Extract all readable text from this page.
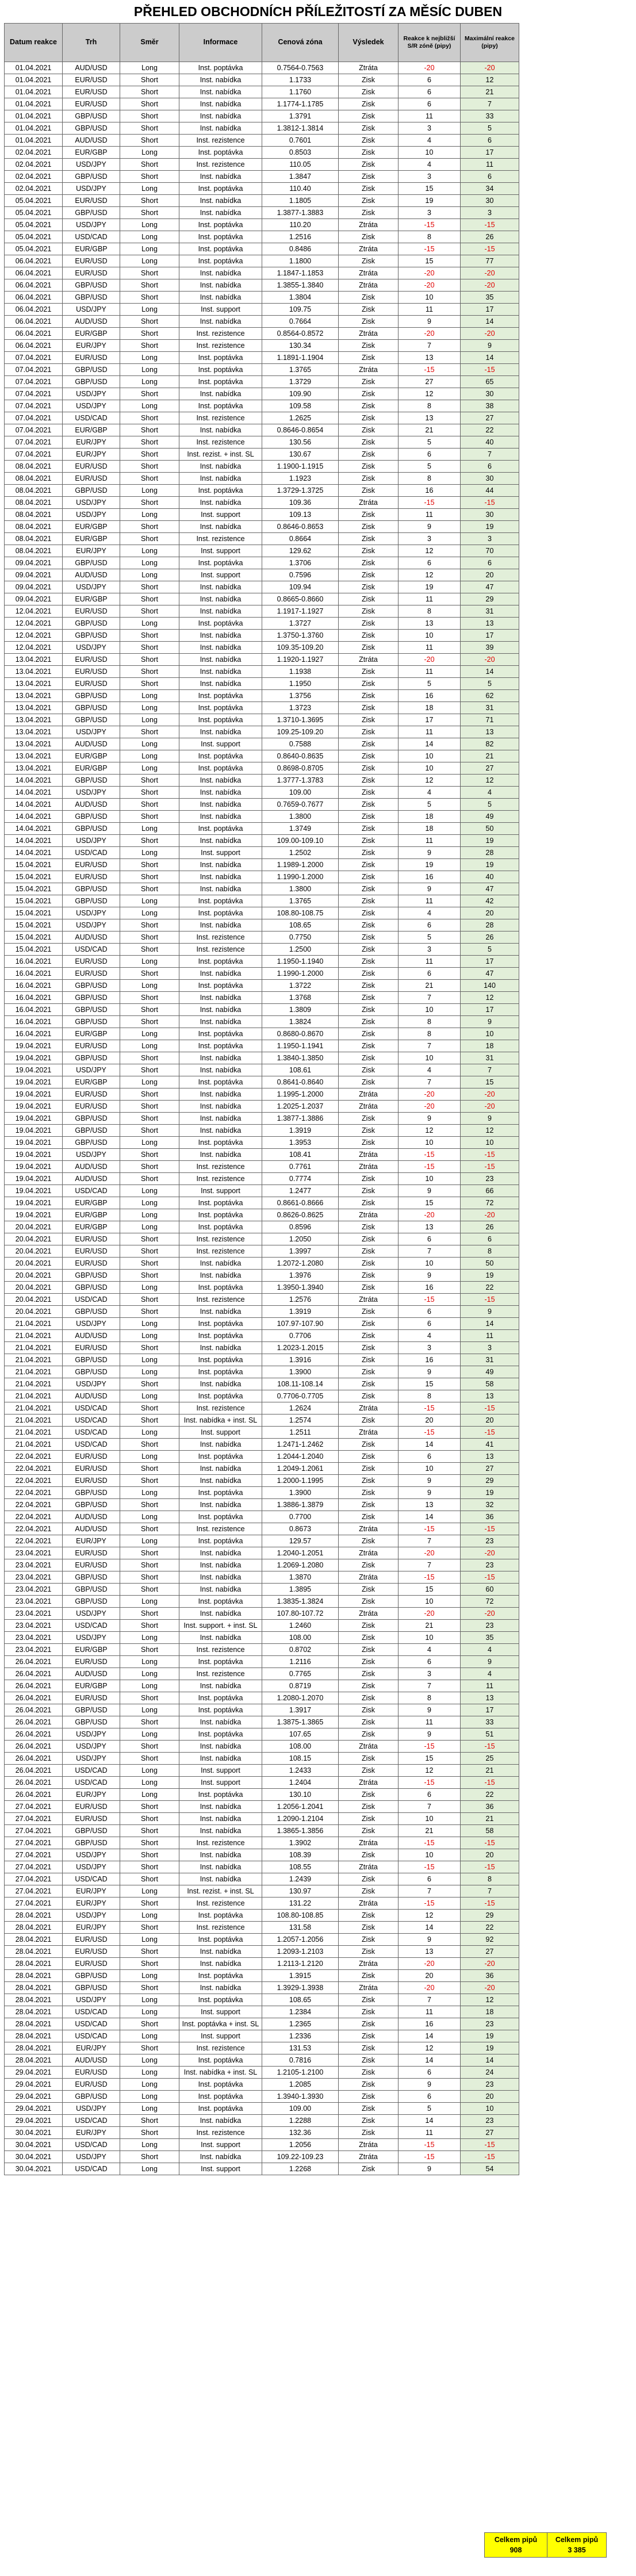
PŘEHLED OBCHODNÍCH PŘÍLEŽITOSTÍ ZA MĚSÍC DUBEN
Datum reakce	Trh	Směr	Informace	Cenová zóna	Výsledek	Reakce k nejbližší S/R zóně (pipy)	Maximální reakce (pipy)
01.04.2021	AUD/USD	Long	Inst. poptávka	0.7564-0.7563	Ztráta	-20	-20
01.04.2021	EUR/USD	Short	Inst. nabídka	1.1733	Zisk	6	12
01.04.2021	EUR/USD	Short	Inst. nabídka	1.1760	Zisk	6	21
01.04.2021	EUR/USD	Short	Inst. nabídka	1.1774-1.1785	Zisk	6	7
01.04.2021	GBP/USD	Short	Inst. nabídka	1.3791	Zisk	11	33
01.04.2021	GBP/USD	Short	Inst. nabídka	1.3812-1.3814	Zisk	3	5
01.04.2021	AUD/USD	Short	Inst. rezistence	0.7601	Zisk	4	6
02.04.2021	EUR/GBP	Long	Inst. poptávka	0.8503	Zisk	10	17
02.04.2021	USD/JPY	Short	Inst. rezistence	110.05	Zisk	4	11
02.04.2021	GBP/USD	Short	Inst. nabídka	1.3847	Zisk	3	6
02.04.2021	USD/JPY	Long	Inst. poptávka	110.40	Zisk	15	34
05.04.2021	EUR/USD	Short	Inst. nabídka	1.1805	Zisk	19	30
05.04.2021	GBP/USD	Short	Inst. nabídka	1.3877-1.3883	Zisk	3	3
05.04.2021	USD/JPY	Long	Inst. poptávka	110.20	Ztráta	-15	-15
05.04.2021	USD/CAD	Long	Inst. poptávka	1.2516	Zisk	8	26
05.04.2021	EUR/GBP	Long	Inst. poptávka	0.8486	Ztráta	-15	-15
06.04.2021	EUR/USD	Long	Inst. poptávka	1.1800	Zisk	15	77
06.04.2021	EUR/USD	Short	Inst. nabídka	1.1847-1.1853	Ztráta	-20	-20
06.04.2021	GBP/USD	Short	Inst. nabídka	1.3855-1.3840	Ztráta	-20	-20
06.04.2021	GBP/USD	Short	Inst. nabídka	1.3804	Zisk	10	35
06.04.2021	USD/JPY	Long	Inst. support	109.75	Zisk	11	17
06.04.2021	AUD/USD	Short	Inst. nabídka	0.7664	Zisk	9	14
06.04.2021	EUR/GBP	Short	Inst. rezistence	0.8564-0.8572	Ztráta	-20	-20
06.04.2021	EUR/JPY	Short	Inst. rezistence	130.34	Zisk	7	9
07.04.2021	EUR/USD	Long	Inst. poptávka	1.1891-1.1904	Zisk	13	14
07.04.2021	GBP/USD	Long	Inst. poptávka	1.3765	Ztráta	-15	-15
07.04.2021	GBP/USD	Long	Inst. poptávka	1.3729	Zisk	27	65
07.04.2021	USD/JPY	Short	Inst. nabídka	109.90	Zisk	12	30
07.04.2021	USD/JPY	Long	Inst. poptávka	109.58	Zisk	8	38
07.04.2021	USD/CAD	Short	Inst. rezistence	1.2625	Zisk	13	27
07.04.2021	EUR/GBP	Short	Inst. nabídka	0.8646-0.8654	Zisk	21	22
07.04.2021	EUR/JPY	Short	Inst. rezistence	130.56	Zisk	5	40
07.04.2021	EUR/JPY	Short	Inst. rezist. + inst. SL	130.67	Zisk	6	7
08.04.2021	EUR/USD	Short	Inst. nabídka	1.1900-1.1915	Zisk	5	6
08.04.2021	EUR/USD	Short	Inst. nabídka	1.1923	Zisk	8	30
08.04.2021	GBP/USD	Long	Inst. poptávka	1.3729-1.3725	Zisk	16	44
08.04.2021	USD/JPY	Short	Inst. nabídka	109.36	Ztráta	-15	-15
08.04.2021	USD/JPY	Long	Inst. support	109.13	Zisk	11	30
08.04.2021	EUR/GBP	Short	Inst. nabídka	0.8646-0.8653	Zisk	9	19
08.04.2021	EUR/GBP	Short	Inst. rezistence	0.8664	Zisk	3	3
08.04.2021	EUR/JPY	Long	Inst. support	129.62	Zisk	12	70
09.04.2021	GBP/USD	Long	Inst. poptávka	1.3706	Zisk	6	6
09.04.2021	AUD/USD	Long	Inst. support	0.7596	Zisk	12	20
09.04.2021	USD/JPY	Short	Inst. nabídka	109.94	Zisk	19	47
09.04.2021	EUR/GBP	Short	Inst. nabídka	0.8665-0.8660	Zisk	11	29
12.04.2021	EUR/USD	Short	Inst. nabídka	1.1917-1.1927	Zisk	8	31
12.04.2021	GBP/USD	Long	Inst. poptávka	1.3727	Zisk	13	13
12.04.2021	GBP/USD	Short	Inst. nabídka	1.3750-1.3760	Zisk	10	17
12.04.2021	USD/JPY	Short	Inst. nabídka	109.35-109.20	Zisk	11	39
13.04.2021	EUR/USD	Short	Inst. nabídka	1.1920-1.1927	Ztráta	-20	-20
13.04.2021	EUR/USD	Short	Inst. nabídka	1.1938	Zisk	11	14
13.04.2021	EUR/USD	Short	Inst. nabídka	1.1950	Zisk	5	5
13.04.2021	GBP/USD	Long	Inst. poptávka	1.3756	Zisk	16	62
13.04.2021	GBP/USD	Long	Inst. poptávka	1.3723	Zisk	18	31
13.04.2021	GBP/USD	Long	Inst. poptávka	1.3710-1.3695	Zisk	17	71
13.04.2021	USD/JPY	Short	Inst. nabídka	109.25-109.20	Zisk	11	13
13.04.2021	AUD/USD	Long	Inst. support	0.7588	Zisk	14	82
13.04.2021	EUR/GBP	Long	Inst. poptávka	0.8640-0.8635	Zisk	10	21
13.04.2021	EUR/GBP	Long	Inst. poptávka	0.8698-0.8705	Zisk	10	27
14.04.2021	GBP/USD	Short	Inst. nabídka	1.3777-1.3783	Zisk	12	12
14.04.2021	USD/JPY	Short	Inst. nabídka	109.00	Zisk	4	4
14.04.2021	AUD/USD	Short	Inst. nabídka	0.7659-0.7677	Zisk	5	5
14.04.2021	GBP/USD	Short	Inst. nabídka	1.3800	Zisk	18	49
14.04.2021	GBP/USD	Long	Inst. poptávka	1.3749	Zisk	18	50
14.04.2021	USD/JPY	Short	Inst. nabídka	109.00-109.10	Zisk	11	19
14.04.2021	USD/CAD	Long	Inst. support	1.2502	Zisk	9	28
15.04.2021	EUR/USD	Short	Inst. nabídka	1.1989-1.2000	Zisk	19	19
15.04.2021	EUR/USD	Short	Inst. nabídka	1.1990-1.2000	Zisk	16	40
15.04.2021	GBP/USD	Short	Inst. nabídka	1.3800	Zisk	9	47
15.04.2021	GBP/USD	Long	Inst. poptávka	1.3765	Zisk	11	42
15.04.2021	USD/JPY	Long	Inst. poptávka	108.80-108.75	Zisk	4	20
15.04.2021	USD/JPY	Short	Inst. nabídka	108.65	Zisk	6	28
15.04.2021	AUD/USD	Short	Inst. rezistence	0.7750	Zisk	5	26
15.04.2021	USD/CAD	Short	Inst. rezistence	1.2500	Zisk	3	5
16.04.2021	EUR/USD	Long	Inst. poptávka	1.1950-1.1940	Zisk	11	17
16.04.2021	EUR/USD	Short	Inst. nabídka	1.1990-1.2000	Zisk	6	47
16.04.2021	GBP/USD	Long	Inst. poptávka	1.3722	Zisk	21	140
16.04.2021	GBP/USD	Short	Inst. nabídka	1.3768	Zisk	7	12
16.04.2021	GBP/USD	Short	Inst. nabídka	1.3809	Zisk	10	17
16.04.2021	GBP/USD	Short	Inst. nabídka	1.3824	Zisk	8	9
16.04.2021	EUR/GBP	Long	Inst. poptávka	0.8680-0.8670	Zisk	8	10
19.04.2021	EUR/USD	Long	Inst. poptávka	1.1950-1.1941	Zisk	7	18
19.04.2021	GBP/USD	Short	Inst. nabídka	1.3840-1.3850	Zisk	10	31
19.04.2021	USD/JPY	Short	Inst. nabídka	108.61	Zisk	4	7
19.04.2021	EUR/GBP	Long	Inst. poptávka	0.8641-0.8640	Zisk	7	15
19.04.2021	EUR/USD	Short	Inst. nabídka	1.1995-1.2000	Ztráta	-20	-20
19.04.2021	EUR/USD	Short	Inst. nabídka	1.2025-1.2037	Ztráta	-20	-20
19.04.2021	GBP/USD	Short	Inst. nabídka	1.3877-1.3886	Zisk	9	9
19.04.2021	GBP/USD	Short	Inst. nabídka	1.3919	Zisk	12	12
19.04.2021	GBP/USD	Long	Inst. poptávka	1.3953	Zisk	10	10
19.04.2021	USD/JPY	Short	Inst. nabídka	108.41	Ztráta	-15	-15
19.04.2021	AUD/USD	Short	Inst. rezistence	0.7761	Ztráta	-15	-15
19.04.2021	AUD/USD	Short	Inst. rezistence	0.7774	Zisk	10	23
19.04.2021	USD/CAD	Long	Inst. support	1.2477	Zisk	9	66
19.04.2021	EUR/GBP	Long	Inst. poptávka	0.8661-0.8666	Zisk	15	72
19.04.2021	EUR/GBP	Long	Inst. poptávka	0.8626-0.8625	Ztráta	-20	-20
20.04.2021	EUR/GBP	Long	Inst. poptávka	0.8596	Zisk	13	26
20.04.2021	EUR/USD	Short	Inst. rezistence	1.2050	Zisk	6	6
20.04.2021	EUR/USD	Short	Inst. rezistence	1.3997	Zisk	7	8
20.04.2021	EUR/USD	Short	Inst. nabídka	1.2072-1.2080	Zisk	10	50
20.04.2021	GBP/USD	Short	Inst. nabídka	1.3976	Zisk	9	19
20.04.2021	GBP/USD	Long	Inst. poptávka	1.3950-1.3940	Zisk	16	22
20.04.2021	USD/CAD	Short	Inst. rezistence	1.2576	Ztráta	-15	-15
20.04.2021	GBP/USD	Short	Inst. nabídka	1.3919	Zisk	6	9
21.04.2021	USD/JPY	Long	Inst. poptávka	107.97-107.90	Zisk	6	14
21.04.2021	AUD/USD	Long	Inst. poptávka	0.7706	Zisk	4	11
21.04.2021	EUR/USD	Short	Inst. nabídka	1.2023-1.2015	Zisk	3	3
21.04.2021	GBP/USD	Long	Inst. poptávka	1.3916	Zisk	16	31
21.04.2021	GBP/USD	Long	Inst. poptávka	1.3900	Zisk	9	49
21.04.2021	USD/JPY	Short	Inst. nabídka	108.11-108.14	Zisk	15	58
21.04.2021	AUD/USD	Long	Inst. poptávka	0.7706-0.7705	Zisk	8	13
21.04.2021	USD/CAD	Short	Inst. rezistence	1.2624	Ztráta	-15	-15
21.04.2021	USD/CAD	Short	Inst. nabídka + inst. SL	1.2574	Zisk	20	20
21.04.2021	USD/CAD	Long	Inst. support	1.2511	Ztráta	-15	-15
21.04.2021	USD/CAD	Short	Inst. nabídka	1.2471-1.2462	Zisk	14	41
22.04.2021	EUR/USD	Long	Inst. poptávka	1.2044-1.2040	Zisk	6	13
22.04.2021	EUR/USD	Short	Inst. nabídka	1.2049-1.2061	Zisk	10	27
22.04.2021	EUR/USD	Short	Inst. nabídka	1.2000-1.1995	Zisk	9	29
22.04.2021	GBP/USD	Long	Inst. poptávka	1.3900	Zisk	9	19
22.04.2021	GBP/USD	Short	Inst. nabídka	1.3886-1.3879	Zisk	13	32
22.04.2021	AUD/USD	Long	Inst. poptávka	0.7700	Zisk	14	36
22.04.2021	AUD/USD	Short	Inst. rezistence	0.8673	Ztráta	-15	-15
22.04.2021	EUR/JPY	Long	Inst. poptávka	129.57	Zisk	7	23
23.04.2021	EUR/USD	Short	Inst. nabídka	1.2040-1.2051	Ztráta	-20	-20
23.04.2021	EUR/USD	Short	Inst. nabídka	1.2069-1.2080	Zisk	7	23
23.04.2021	GBP/USD	Short	Inst. nabídka	1.3870	Ztráta	-15	-15
23.04.2021	GBP/USD	Short	Inst. nabídka	1.3895	Zisk	15	60
23.04.2021	GBP/USD	Long	Inst. poptávka	1.3835-1.3824	Zisk	10	72
23.04.2021	USD/JPY	Short	Inst. nabídka	107.80-107.72	Ztráta	-20	-20
23.04.2021	USD/CAD	Short	Inst. support. + inst. SL	1.2460	Zisk	21	23
23.04.2021	USD/JPY	Long	Inst. nabídka	108.00	Zisk	10	35
23.04.2021	EUR/GBP	Short	Inst. rezistence	0.8702	Zisk	4	4
26.04.2021	EUR/USD	Long	Inst. poptávka	1.2116	Zisk	6	9
26.04.2021	AUD/USD	Long	Inst. rezistence	0.7765	Zisk	3	4
26.04.2021	EUR/GBP	Long	Inst. nabídka	0.8719	Zisk	7	11
26.04.2021	EUR/USD	Short	Inst. poptávka	1.2080-1.2070	Zisk	8	13
26.04.2021	GBP/USD	Long	Inst. poptávka	1.3917	Zisk	9	17
26.04.2021	GBP/USD	Short	Inst. nabídka	1.3875-1.3865	Zisk	11	33
26.04.2021	USD/JPY	Long	Inst. poptávka	107.65	Zisk	9	51
26.04.2021	USD/JPY	Short	Inst. nabídka	108.00	Ztráta	-15	-15
26.04.2021	USD/JPY	Short	Inst. nabídka	108.15	Zisk	15	25
26.04.2021	USD/CAD	Long	Inst. support	1.2433	Zisk	12	21
26.04.2021	USD/CAD	Long	Inst. support	1.2404	Ztráta	-15	-15
26.04.2021	EUR/JPY	Long	Inst. poptávka	130.10	Zisk	6	22
27.04.2021	EUR/USD	Short	Inst. nabídka	1.2056-1.2041	Zisk	7	36
27.04.2021	EUR/USD	Short	Inst. nabídka	1.2090-1.2104	Zisk	10	21
27.04.2021	GBP/USD	Short	Inst. nabídka	1.3865-1.3856	Zisk	21	58
27.04.2021	GBP/USD	Short	Inst. rezistence	1.3902	Ztráta	-15	-15
27.04.2021	USD/JPY	Short	Inst. nabídka	108.39	Zisk	10	20
27.04.2021	USD/JPY	Short	Inst. nabídka	108.55	Ztráta	-15	-15
27.04.2021	USD/CAD	Short	Inst. nabídka	1.2439	Zisk	6	8
27.04.2021	EUR/JPY	Long	Inst. rezist. + inst. SL	130.97	Zisk	7	7
27.04.2021	EUR/JPY	Short	Inst. rezistence	131.22	Ztráta	-15	-15
28.04.2021	USD/JPY	Long	Inst. poptávka	108.80-108.85	Zisk	12	29
28.04.2021	EUR/JPY	Short	Inst. rezistence	131.58	Zisk	14	22
28.04.2021	EUR/USD	Long	Inst. poptávka	1.2057-1.2056	Zisk	9	92
28.04.2021	EUR/USD	Short	Inst. nabídka	1.2093-1.2103	Zisk	13	27
28.04.2021	EUR/USD	Short	Inst. nabídka	1.2113-1.2120	Ztráta	-20	-20
28.04.2021	GBP/USD	Long	Inst. poptávka	1.3915	Zisk	20	36
28.04.2021	GBP/USD	Short	Inst. nabídka	1.3929-1.3938	Ztráta	-20	-20
28.04.2021	USD/JPY	Long	Inst. poptávka	108.65	Zisk	7	12
28.04.2021	USD/CAD	Long	Inst. support	1.2384	Zisk	11	18
28.04.2021	USD/CAD	Short	Inst. poptávka + inst. SL	1.2365	Zisk	16	23
28.04.2021	USD/CAD	Long	Inst. support	1.2336	Zisk	14	19
28.04.2021	EUR/JPY	Short	Inst. rezistence	131.53	Zisk	12	19
28.04.2021	AUD/USD	Long	Inst. poptávka	0.7816	Zisk	14	14
29.04.2021	EUR/USD	Long	Inst. nabídka + inst. SL	1.2105-1.2100	Zisk	6	24
29.04.2021	EUR/USD	Long	Inst. poptávka	1.2085	Zisk	9	23
29.04.2021	GBP/USD	Long	Inst. poptávka	1.3940-1.3930	Zisk	6	20
29.04.2021	USD/JPY	Long	Inst. poptávka	109.00	Zisk	5	10
29.04.2021	USD/CAD	Short	Inst. nabídka	1.2288	Zisk	14	23
30.04.2021	EUR/JPY	Short	Inst. rezistence	132.36	Zisk	11	27
30.04.2021	USD/CAD	Long	Inst. support	1.2056	Ztráta	-15	-15
30.04.2021	USD/JPY	Short	Inst. nabídka	109.22-109.23	Ztráta	-15	-15
30.04.2021	USD/CAD	Long	Inst. support	1.2268	Zisk	9	54
Celkem pipů
908

Celkem pipů
3 385
